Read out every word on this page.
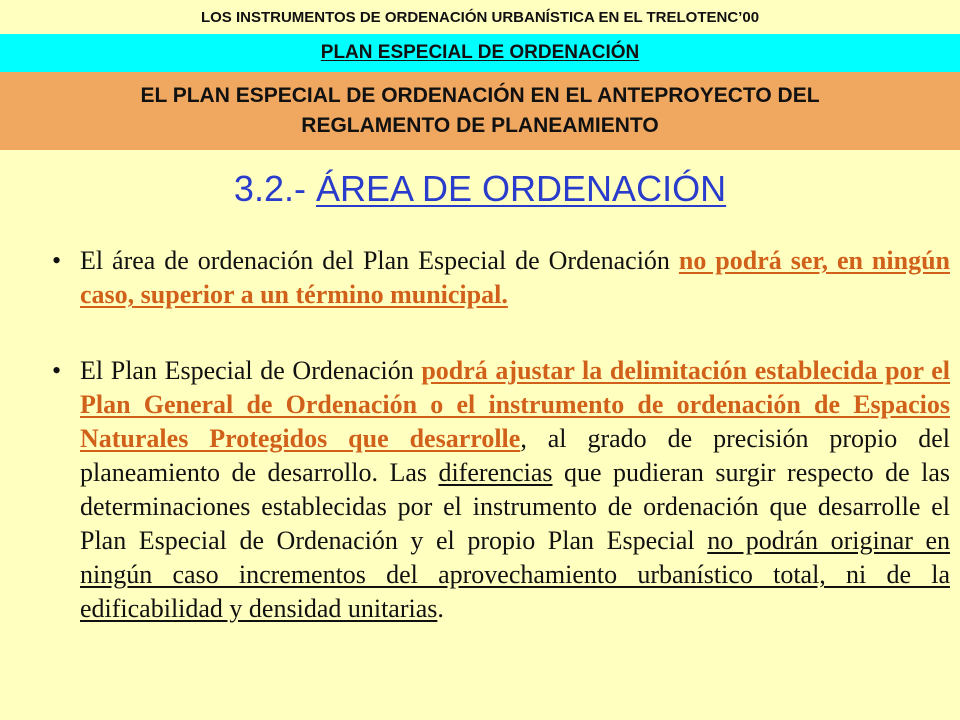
LOS INSTRUMENTOS DE ORDENACIÓN URBANÍSTICA EN EL TRELOTENC’00
PLAN ESPECIAL DE ORDENACIÓN
EL PLAN ESPECIAL DE ORDENACIÓN EN EL ANTEPROYECTO DEL
REGLAMENTO DE PLANEAMIENTO
3.2.- ÁREA DE ORDENACIÓN
• El área de ordenación del Plan Especial de Ordenación no podrá ser, en ningún caso, superior a un término municipal.
• El Plan Especial de Ordenación podrá ajustar la delimitación establecida por el Plan General de Ordenación o el instrumento de ordenación de Espacios Naturales Protegidos que desarrolle, al grado de precisión propio del planeamiento de desarrollo. Las diferencias que pudieran surgir respecto de las determinaciones establecidas por el instrumento de ordenación que desarrolle el Plan Especial de Ordenación y el propio Plan Especial no podrán originar en ningún caso incrementos del aprovechamiento urbanístico total, ni de la edificabilidad y densidad unitarias.
